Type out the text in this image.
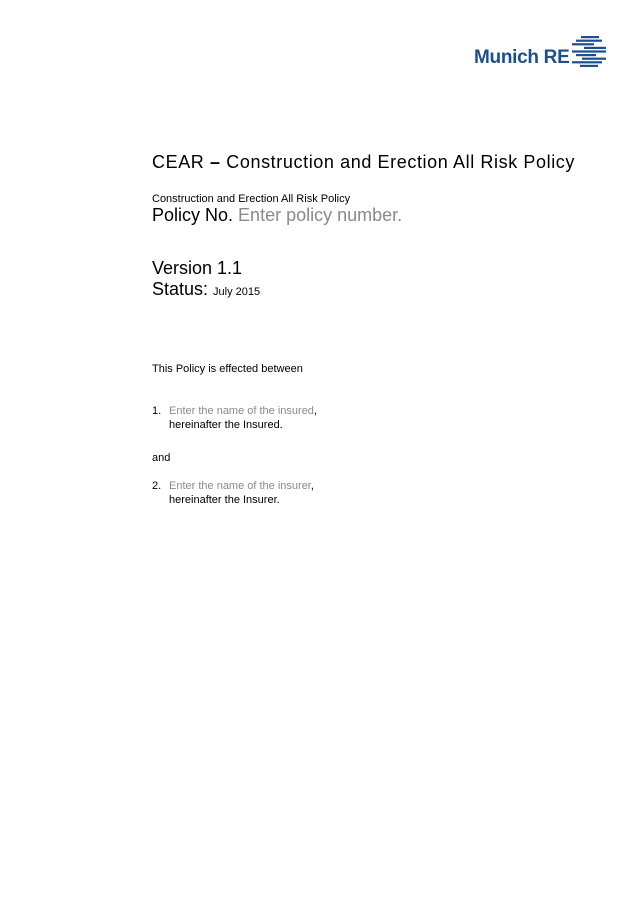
Munich RE
CEAR – Construction and Erection All Risk Policy
Construction and Erection All Risk Policy
Policy No. Enter policy number.
Version 1.1
Status: July 2015
This Policy is effected between
1. Enter the name of the insured,
hereinafter the Insured.
and
2. Enter the name of the insurer,
hereinafter the Insurer.
